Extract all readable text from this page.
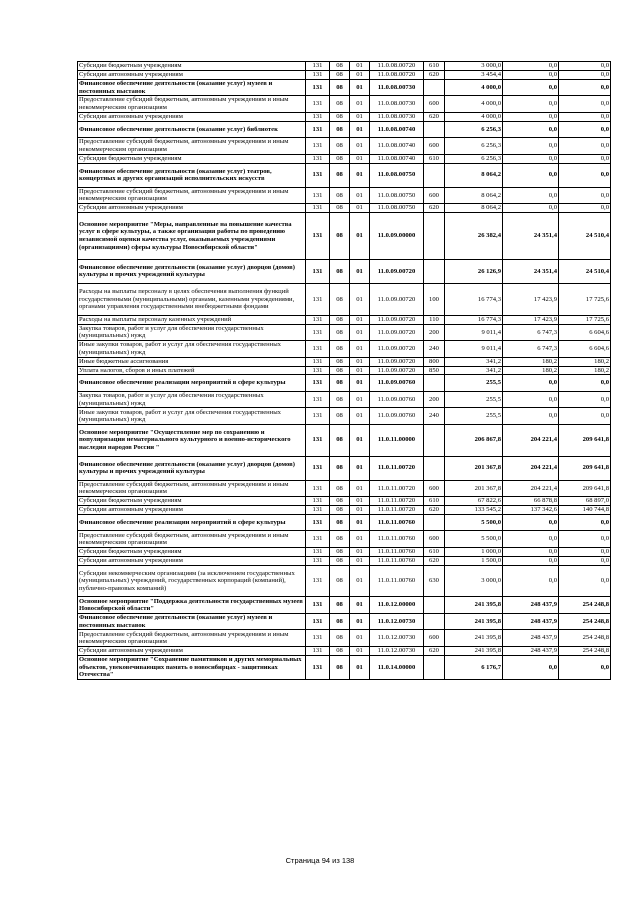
Субсидии бюджетным учреждениям	131	08	01	11.0.08.00720	610	3 000,0	0,0	0,0
Субсидии автономным учреждениям	131	08	01	11.0.08.00720	620	3 454,4	0,0	0,0
Финансовое обеспечение деятельности (оказание услуг) музеев и постоянных выставок	131	08	01	11.0.08.00730		4 000,0	0,0	0,0
Предоставление субсидий бюджетным, автономным учреждениям и иным некоммерческим организациям	131	08	01	11.0.08.00730	600	4 000,0	0,0	0,0
Субсидии автономным учреждениям	131	08	01	11.0.08.00730	620	4 000,0	0,0	0,0
Финансовое обеспечение деятельности (оказание услуг) библиотек	131	08	01	11.0.08.00740		6 256,3	0,0	0,0
Предоставление субсидий бюджетным, автономным учреждениям и иным некоммерческим организациям	131	08	01	11.0.08.00740	600	6 256,3	0,0	0,0
Субсидии бюджетным учреждениям	131	08	01	11.0.08.00740	610	6 256,3	0,0	0,0
Финансовое обеспечение деятельности (оказание услуг) театров, концертных и других организаций исполнительских искусств	131	08	01	11.0.08.00750		8 064,2	0,0	0,0
Предоставление субсидий бюджетным, автономным учреждениям и иным некоммерческим организациям	131	08	01	11.0.08.00750	600	8 064,2	0,0	0,0
Субсидии автономным учреждениям	131	08	01	11.0.08.00750	620	8 064,2	0,0	0,0
Основное мероприятие "Меры, направленные на повышение качества услуг в сфере культуры, а также организация работы по проведению независимой оценки качества услуг, оказываемых учреждениями (организациями) сферы культуры Новосибирской области"	131	08	01	11.0.09.00000		26 382,4	24 351,4	24 510,4
Финансовое обеспечение деятельности (оказание услуг) дворцов (домов) культуры и прочих учреждений культуры	131	08	01	11.0.09.00720		26 126,9	24 351,4	24 510,4
Расходы на выплаты персоналу в целях обеспечения выполнения функций государственными (муниципальными) органами, казенными учреждениями, органами управления государственными внебюджетными фондами	131	08	01	11.0.09.00720	100	16 774,3	17 423,9	17 725,6
Расходы на выплаты персоналу казенных учреждений	131	08	01	11.0.09.00720	110	16 774,3	17 423,9	17 725,6
Закупка товаров, работ и услуг для обеспечения государственных (муниципальных) нужд	131	08	01	11.0.09.00720	200	9 011,4	6 747,3	6 604,6
Иные закупки товаров, работ и услуг для обеспечения государственных (муниципальных) нужд	131	08	01	11.0.09.00720	240	9 011,4	6 747,3	6 604,6
Иные бюджетные ассигнования	131	08	01	11.0.09.00720	800	341,2	180,2	180,2
Уплата налогов, сборов и иных платежей	131	08	01	11.0.09.00720	850	341,2	180,2	180,2
Финансовое обеспечение реализации мероприятий в сфере культуры	131	08	01	11.0.09.00760		255,5	0,0	0,0
Закупка товаров, работ и услуг для обеспечения государственных (муниципальных) нужд	131	08	01	11.0.09.00760	200	255,5	0,0	0,0
Иные закупки товаров, работ и услуг для обеспечения государственных (муниципальных) нужд	131	08	01	11.0.09.00760	240	255,5	0,0	0,0
Основное мероприятие "Осуществление мер по сохранению и популяризации нематериального культурного и военно-исторического наследия народов России "	131	08	01	11.0.11.00000		206 867,8	204 221,4	209 641,8
Финансовое обеспечение деятельности (оказание услуг) дворцов (домов) культуры и прочих учреждений культуры	131	08	01	11.0.11.00720		201 367,8	204 221,4	209 641,8
Предоставление субсидий бюджетным, автономным учреждениям и иным некоммерческим организациям	131	08	01	11.0.11.00720	600	201 367,8	204 221,4	209 641,8
Субсидии бюджетным учреждениям	131	08	01	11.0.11.00720	610	67 822,6	66 878,8	68 897,0
Субсидии автономным учреждениям	131	08	01	11.0.11.00720	620	133 545,2	137 342,6	140 744,8
Финансовое обеспечение реализации мероприятий в сфере культуры	131	08	01	11.0.11.00760		5 500,0	0,0	0,0
Предоставление субсидий бюджетным, автономным учреждениям и иным некоммерческим организациям	131	08	01	11.0.11.00760	600	5 500,0	0,0	0,0
Субсидии бюджетным учреждениям	131	08	01	11.0.11.00760	610	1 000,0	0,0	0,0
Субсидии автономным учреждениям	131	08	01	11.0.11.00760	620	1 500,0	0,0	0,0
Субсидии некоммерческим организациям (за исключением государственных (муниципальных) учреждений, государственных корпораций (компаний), публично-правовых компаний)	131	08	01	11.0.11.00760	630	3 000,0	0,0	0,0
Основное мероприятие "Поддержка деятельности государственных музеев Новосибирской области"	131	08	01	11.0.12.00000		241 395,8	248 437,9	254 248,8
Финансовое обеспечение деятельности (оказание услуг) музеев и постоянных выставок	131	08	01	11.0.12.00730		241 395,8	248 437,9	254 248,8
Предоставление субсидий бюджетным, автономным учреждениям и иным некоммерческим организациям	131	08	01	11.0.12.00730	600	241 395,8	248 437,9	254 248,8
Субсидии автономным учреждениям	131	08	01	11.0.12.00730	620	241 395,8	248 437,9	254 248,8
Основное мероприятие "Сохранение памятников и других мемориальных объектов, увековечивающих память о новосибирцах - защитниках Отечества"	131	08	01	11.0.14.00000		6 176,7	0,0	0,0
Страница 94 из 138
